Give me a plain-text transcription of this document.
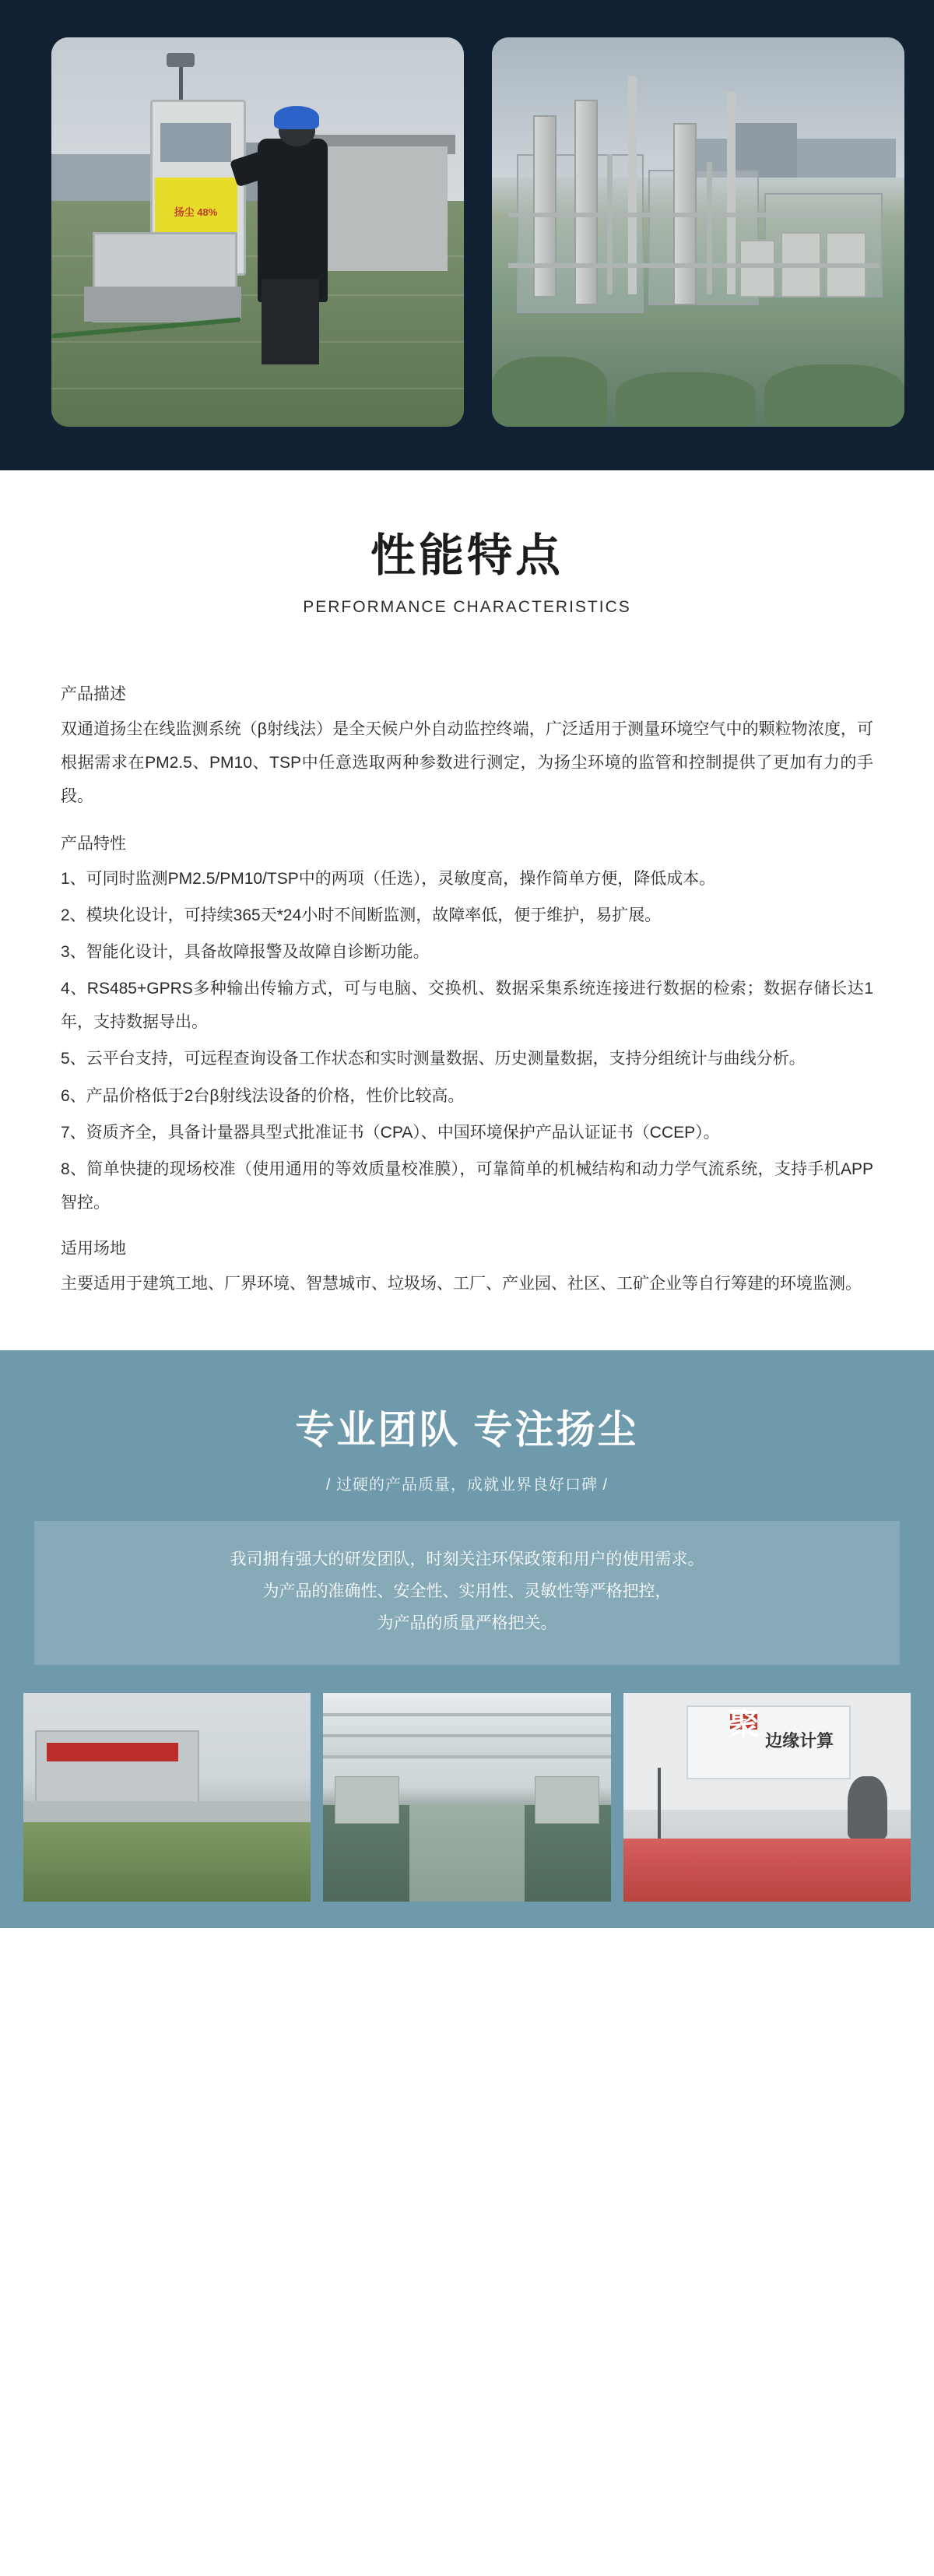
扬尘 48%
性能特点
PERFORMANCE CHARACTERISTICS

产品描述

双通道扬尘在线监测系统（β射线法）是全天候户外自动监控终端，广泛适用于测量环境空气中的颗粒物浓度，可根据需求在PM2.5、PM10、TSP中任意选取两种参数进行测定，为扬尘环境的监管和控制提供了更加有力的手段。

产品特性

1、可同时监测PM2.5/PM10/TSP中的两项（任选），灵敏度高，操作简单方便，降低成本。

2、模块化设计，可持续365天*24小时不间断监测，故障率低，便于维护，易扩展。

3、智能化设计，具备故障报警及故障自诊断功能。

4、RS485+GPRS多种输出传输方式，可与电脑、交换机、数据采集系统连接进行数据的检索；数据存储长达1年，支持数据导出。

5、云平台支持，可远程查询设备工作状态和实时测量数据、历史测量数据，支持分组统计与曲线分析。

6、产品价格低于2台β射线法设备的价格，性价比较高。

7、资质齐全，具备计量器具型式批准证书（CPA）、中国环境保护产品认证证书（CCEP）。

8、简单快捷的现场校准（使用通用的等效质量校准膜），可靠简单的机械结构和动力学气流系统，支持手机APP智控。

适用场地

主要适用于建筑工地、厂界环境、智慧城市、垃圾场、工厂、产业园、社区、工矿企业等自行筹建的环境监测。

专业团队 专注扬尘
/ 过硬的产品质量，成就业界良好口碑 /

我司拥有强大的研发团队，时刻关注环保政策和用户的使用需求。

为产品的准确性、安全性、实用性、灵敏性等严格把控，

为产品的质量严格把关。

聚 边缘计算
